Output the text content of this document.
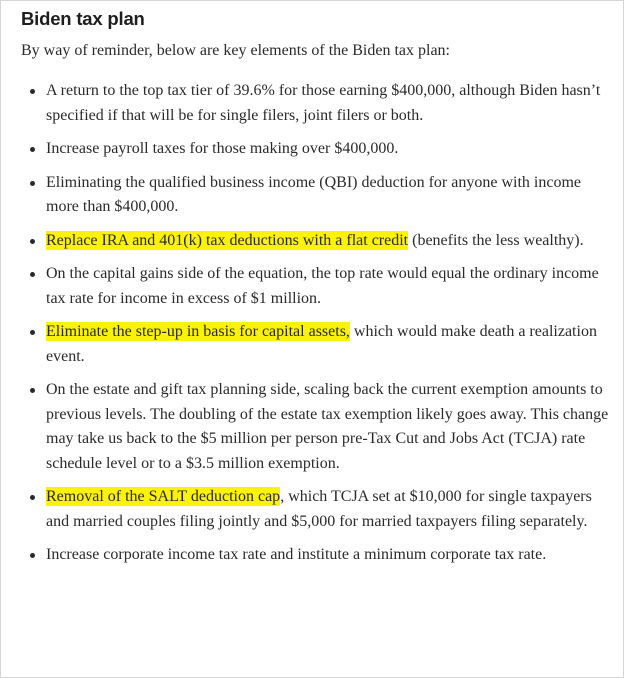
Biden tax plan

By way of reminder, below are key elements of the Biden tax plan:

A return to the top tax tier of 39.6% for those earning $400,000, although Biden hasn’t specified if that will be for single filers, joint filers or both.
Increase payroll taxes for those making over $400,000.
Eliminating the qualified business income (QBI) deduction for anyone with income more than $400,000.
Replace IRA and 401(k) tax deductions with a flat credit (benefits the less wealthy).
On the capital gains side of the equation, the top rate would equal the ordinary income tax rate for income in excess of $1 million.
Eliminate the step-up in basis for capital assets, which would make death a realization event.
On the estate and gift tax planning side, scaling back the current exemption amounts to previous levels. The doubling of the estate tax exemption likely goes away. This change may take us back to the $5 million per person pre-Tax Cut and Jobs Act (TCJA) rate schedule level or to a $3.5 million exemption.
Removal of the SALT deduction cap, which TCJA set at $10,000 for single taxpayers and married couples filing jointly and $5,000 for married taxpayers filing separately.
Increase corporate income tax rate and institute a minimum corporate tax rate.
